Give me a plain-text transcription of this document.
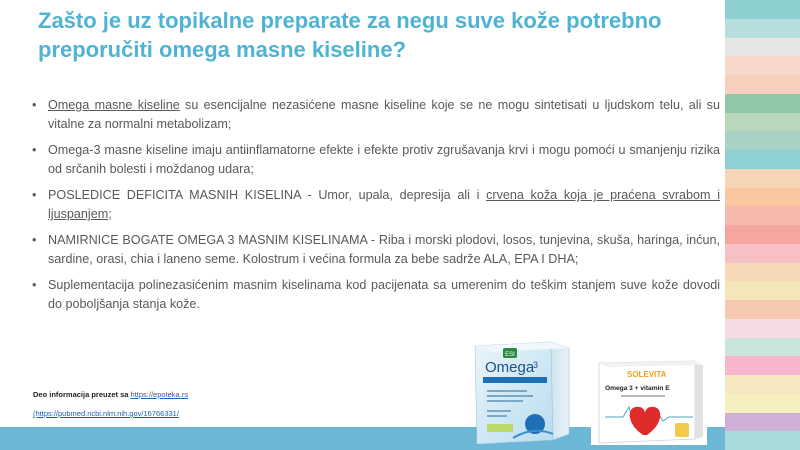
Zašto je uz topikalne preparate za negu suve kože potrebno preporučiti omega masne kiseline?
• Omega masne kiseline su esencijalne nezasićene masne kiseline koje se ne mogu sintetisati u ljudskom telu, ali su vitalne za normalni metabolizam;
• Omega-3 masne kiseline imaju antiinflamatorne efekte i efekte protiv zgrušavanja krvi i mogu pomoći u smanjenju rizika od srčanih bolesti i moždanog udara;
• POSLEDICE DEFICITA MASNIH KISELINA - Umor, upala, depresija ali i crvena koža koja je praćena svrabom i ljuspanjem;
• NAMIRNICE BOGATE OMEGA 3 MASNIM KISELINAMA - Riba i morski plodovi, losos, tunjevina, skuša, haringa, inćun, sardine, orasi, chia i laneno seme. Kolostrum i većina formula za bebe sadrže ALA, EPA I DHA;
• Suplementacija polinezasićenim masnim kiselinama kod pacijenata sa umerenim do teškim stanjem suve kože dovodi do poboljšanja stanja kože.
Deo informacija preuzet sa https://epoteka.rs
(https://pubmed.ncbi.nlm.nih.gov/16766331/
ESI
Omega
3
SOLEVITA
Omega 3 + vitamin E
